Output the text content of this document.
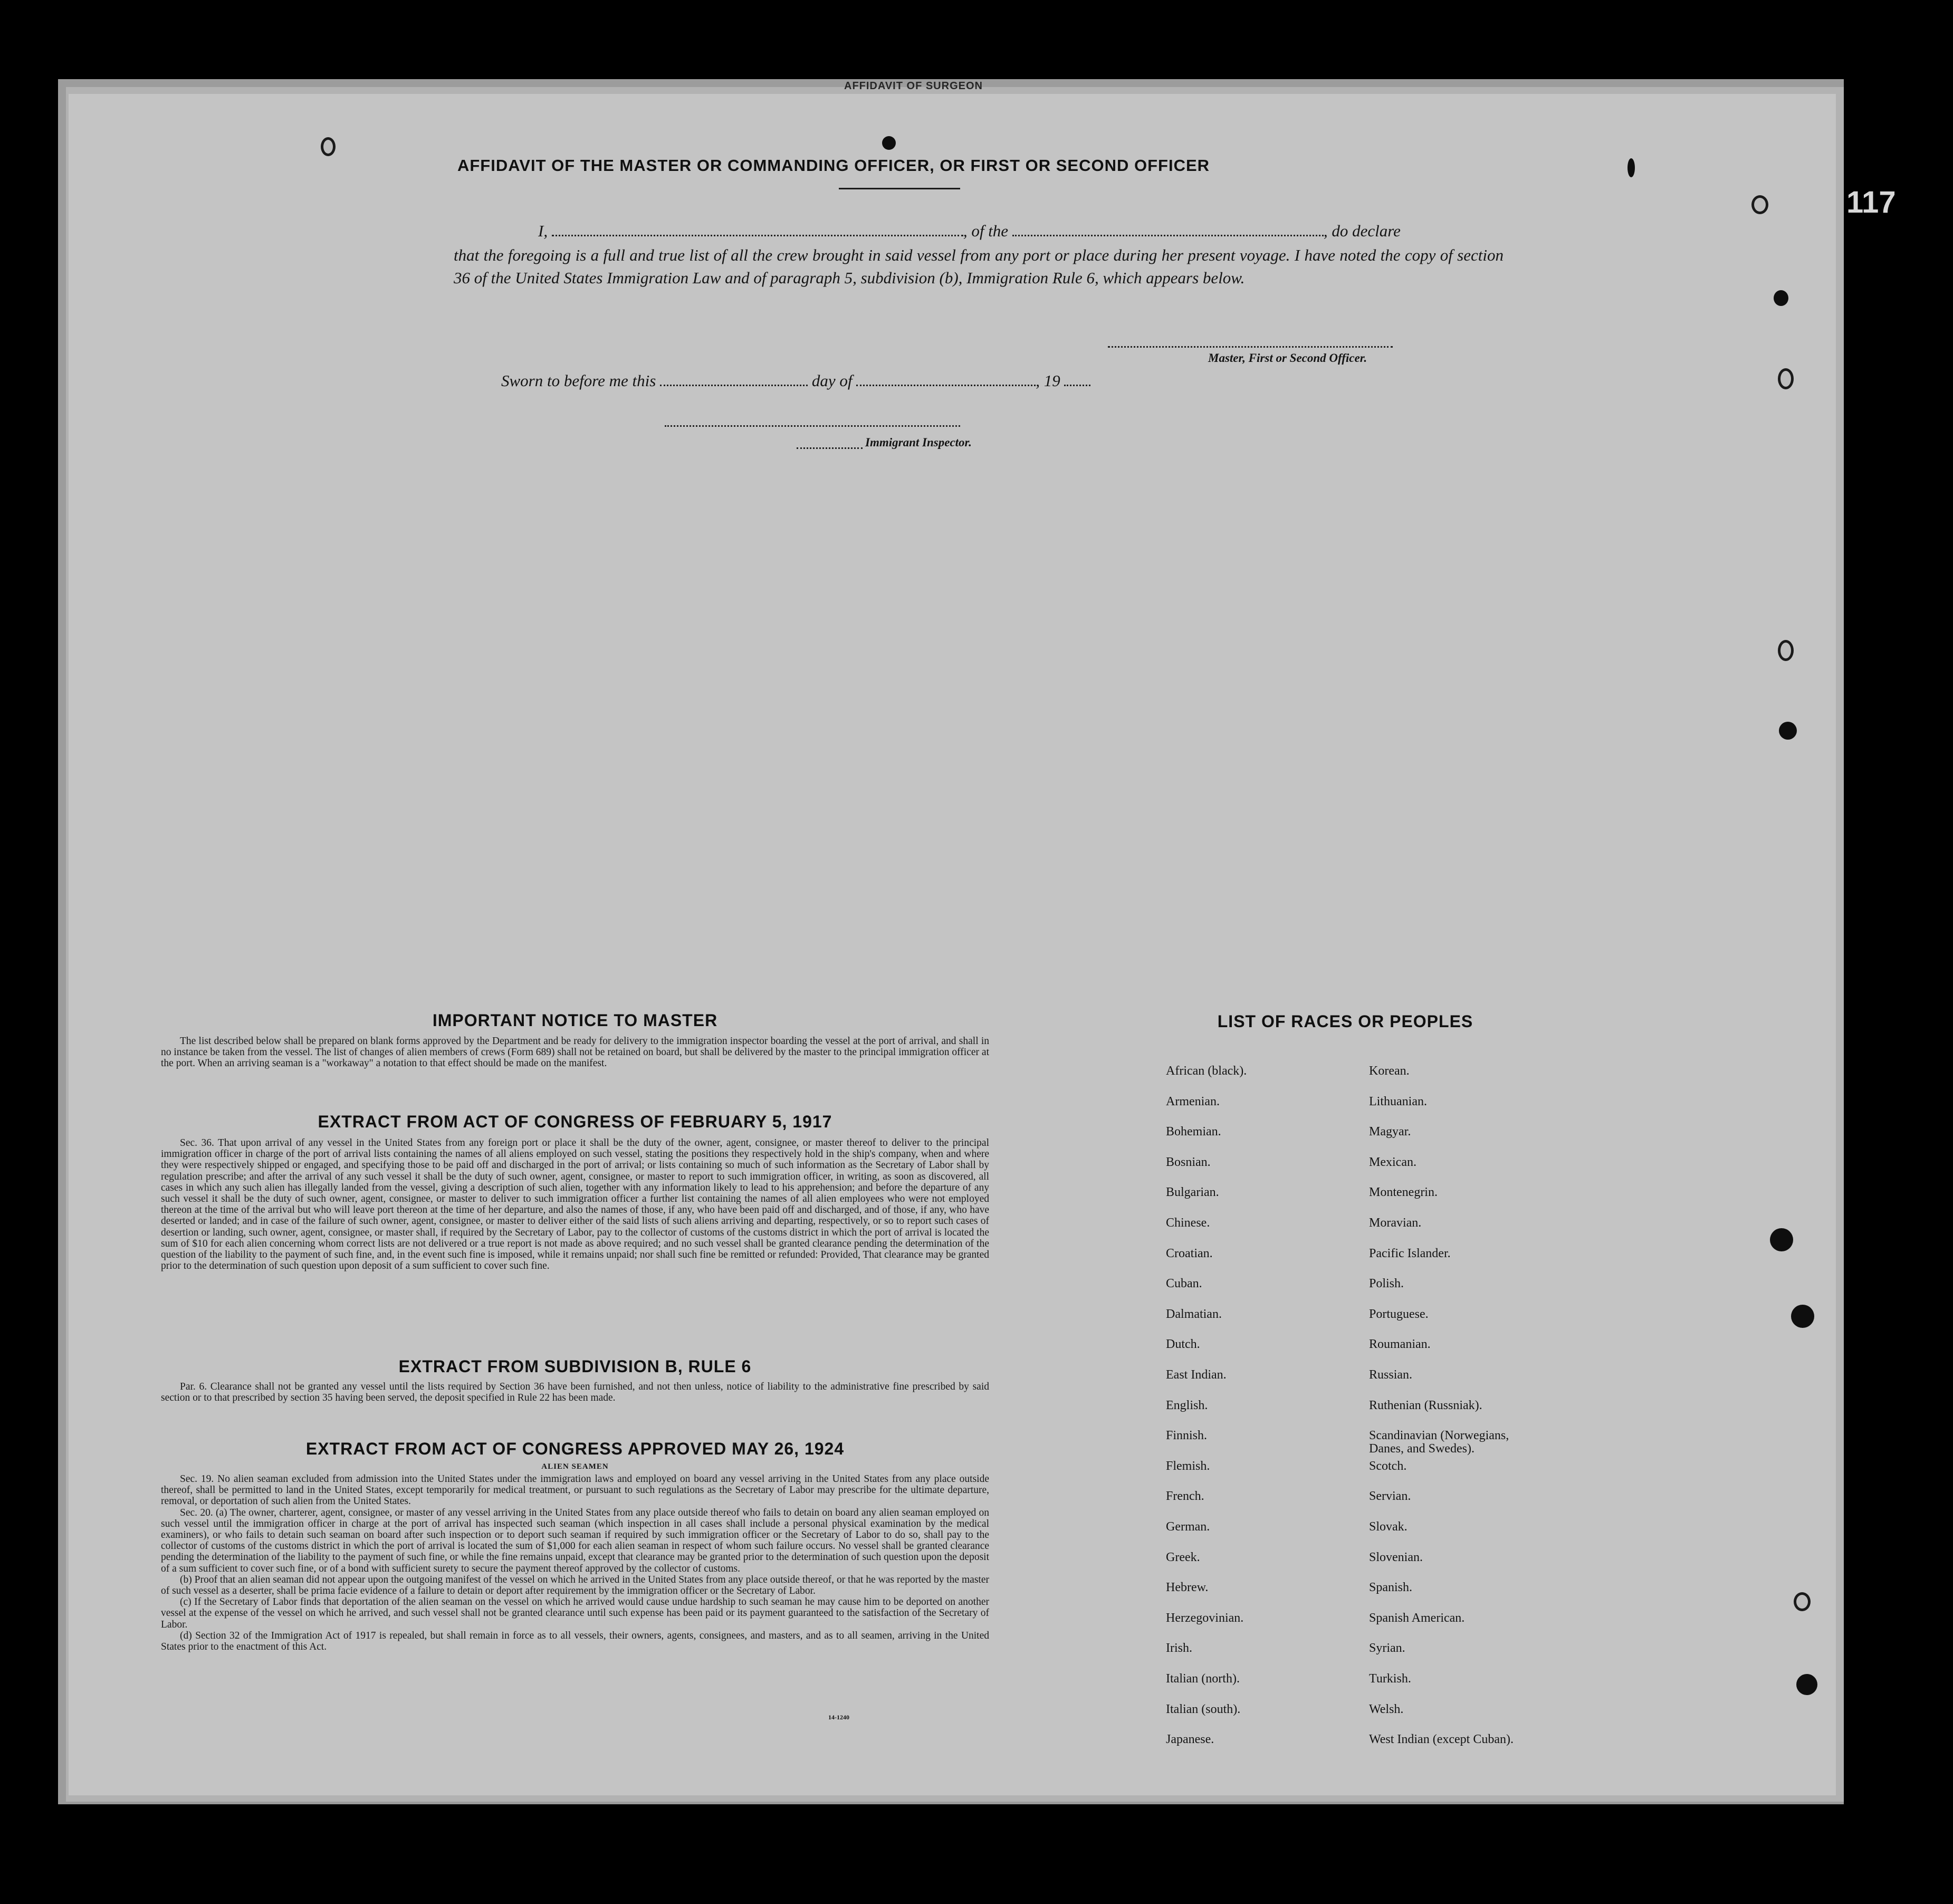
AFFIDAVIT OF SURGEON
117
AFFIDAVIT OF THE MASTER OR COMMANDING OFFICER, OR FIRST OR SECOND OFFICER
I,	, of the	, do declare
that the foregoing is a full and true list of all the crew brought in said vessel from any port or place during her present voyage. I have noted the copy of section 36 of the United States Immigration Law and of paragraph 5, subdivision (b), Immigration Rule 6, which appears below.
Master, First or Second Officer.
Sworn to before me this	day of	, 19
Immigrant Inspector.
IMPORTANT NOTICE TO MASTER

The list described below shall be prepared on blank forms approved by the Department and be ready for delivery to the immigration inspector boarding the vessel at the port of arrival, and shall in no instance be taken from the vessel. The list of changes of alien members of crews (Form 689) shall not be retained on board, but shall be delivered by the master to the principal immigration officer at the port. When an arriving seaman is a "workaway" a notation to that effect should be made on the manifest.

EXTRACT FROM ACT OF CONGRESS OF FEBRUARY 5, 1917

Sec. 36. That upon arrival of any vessel in the United States from any foreign port or place it shall be the duty of the owner, agent, consignee, or master thereof to deliver to the principal immigration officer in charge of the port of arrival lists containing the names of all aliens employed on such vessel, stating the positions they respectively hold in the ship's company, when and where they were respectively shipped or engaged, and specifying those to be paid off and discharged in the port of arrival; or lists containing so much of such information as the Secretary of Labor shall by regulation prescribe; and after the arrival of any such vessel it shall be the duty of such owner, agent, consignee, or master to report to such immigration officer, in writing, as soon as discovered, all cases in which any such alien has illegally landed from the vessel, giving a description of such alien, together with any information likely to lead to his apprehension; and before the departure of any such vessel it shall be the duty of such owner, agent, consignee, or master to deliver to such immigration officer a further list containing the names of all alien employees who were not employed thereon at the time of the arrival but who will leave port thereon at the time of her departure, and also the names of those, if any, who have been paid off and discharged, and of those, if any, who have deserted or landed; and in case of the failure of such owner, agent, consignee, or master to deliver either of the said lists of such aliens arriving and departing, respectively, or so to report such cases of desertion or landing, such owner, agent, consignee, or master shall, if required by the Secretary of Labor, pay to the collector of customs of the customs district in which the port of arrival is located the sum of $10 for each alien concerning whom correct lists are not delivered or a true report is not made as above required; and no such vessel shall be granted clearance pending the determination of the question of the liability to the payment of such fine, and, in the event such fine is imposed, while it remains unpaid; nor shall such fine be remitted or refunded: Provided, That clearance may be granted prior to the determination of such question upon deposit of a sum sufficient to cover such fine.

EXTRACT FROM SUBDIVISION B, RULE 6

Par. 6. Clearance shall not be granted any vessel until the lists required by Section 36 have been furnished, and not then unless, notice of liability to the administrative fine prescribed by said section or to that prescribed by section 35 having been served, the deposit specified in Rule 22 has been made.

EXTRACT FROM ACT OF CONGRESS APPROVED MAY 26, 1924
ALIEN SEAMEN

Sec. 19. No alien seaman excluded from admission into the United States under the immigration laws and employed on board any vessel arriving in the United States from any place outside thereof, shall be permitted to land in the United States, except temporarily for medical treatment, or pursuant to such regulations as the Secretary of Labor may prescribe for the ultimate departure, removal, or deportation of such alien from the United States.

Sec. 20. (a) The owner, charterer, agent, consignee, or master of any vessel arriving in the United States from any place outside thereof who fails to detain on board any alien seaman employed on such vessel until the immigration officer in charge at the port of arrival has inspected such seaman (which inspection in all cases shall include a personal physical examination by the medical examiners), or who fails to detain such seaman on board after such inspection or to deport such seaman if required by such immigration officer or the Secretary of Labor to do so, shall pay to the collector of customs of the customs district in which the port of arrival is located the sum of $1,000 for each alien seaman in respect of whom such failure occurs. No vessel shall be granted clearance pending the determination of the liability to the payment of such fine, or while the fine remains unpaid, except that clearance may be granted prior to the determination of such question upon the deposit of a sum sufficient to cover such fine, or of a bond with sufficient surety to secure the payment thereof approved by the collector of customs.

(b) Proof that an alien seaman did not appear upon the outgoing manifest of the vessel on which he arrived in the United States from any place outside thereof, or that he was reported by the master of such vessel as a deserter, shall be prima facie evidence of a failure to detain or deport after requirement by the immigration officer or the Secretary of Labor.

(c) If the Secretary of Labor finds that deportation of the alien seaman on the vessel on which he arrived would cause undue hardship to such seaman he may cause him to be deported on another vessel at the expense of the vessel on which he arrived, and such vessel shall not be granted clearance until such expense has been paid or its payment guaranteed to the satisfaction of the Secretary of Labor.

(d) Section 32 of the Immigration Act of 1917 is repealed, but shall remain in force as to all vessels, their owners, agents, consignees, and masters, and as to all seamen, arriving in the United States prior to the enactment of this Act.

14-1240
LIST OF RACES OR PEOPLES
Danes, and Swedes).
African (black).
Armenian.
Bohemian.
Bosnian.
Bulgarian.
Chinese.
Croatian.
Cuban.
Dalmatian.
Dutch.
East Indian.
English.
Finnish.
Flemish.
French.
German.
Greek.
Hebrew.
Herzegovinian.
Irish.
Italian (north).
Italian (south).
Japanese.
Korean.
Lithuanian.
Magyar.
Mexican.
Montenegrin.
Moravian.
Pacific Islander.
Polish.
Portuguese.
Roumanian.
Russian.
Ruthenian (Russniak).
Scandinavian (Norwegians,
Scotch.
Servian.
Slovak.
Slovenian.
Spanish.
Spanish American.
Syrian.
Turkish.
Welsh.
West Indian (except Cuban).
